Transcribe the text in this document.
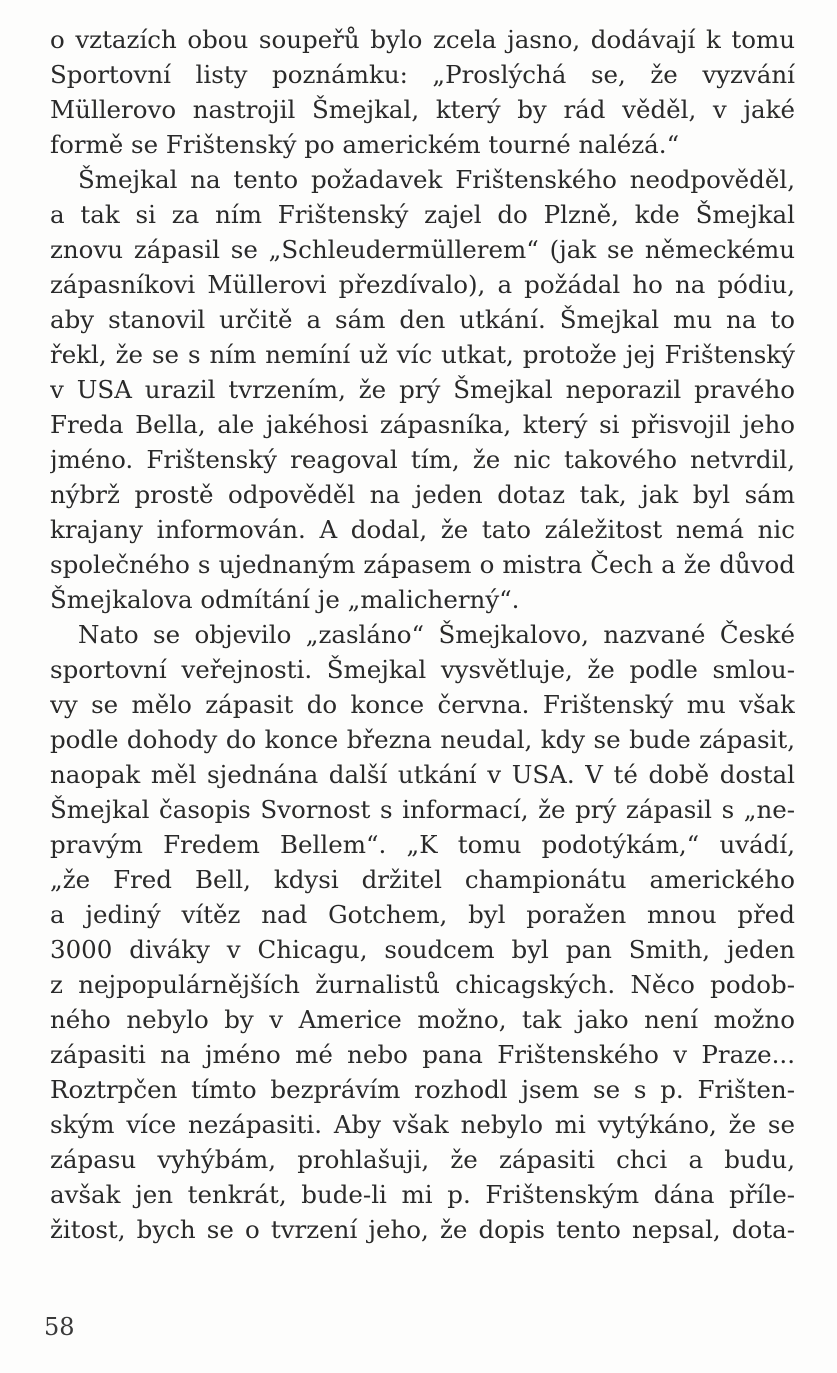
o vztazích obou soupeřů bylo zcela jasno, dodávají k tomu
Sportovní listy poznámku: „Proslýchá se, že vyzvání
Müllerovo nastrojil Šmejkal, který by rád věděl, v jaké
formě se Frištenský po americkém tourné nalézá.“
Šmejkal na tento požadavek Frištenského neodpověděl,
a tak si za ním Frištenský zajel do Plzně, kde Šmejkal
znovu zápasil se „Schleudermüllerem“ (jak se německému
zápasníkovi Müllerovi přezdívalo), a požádal ho na pódiu,
aby stanovil určitě a sám den utkání. Šmejkal mu na to
řekl, že se s ním nemíní už víc utkat, protože jej Frištenský
v USA urazil tvrzením, že prý Šmejkal neporazil pravého
Freda Bella, ale jakéhosi zápasníka, který si přisvojil jeho
jméno. Frištenský reagoval tím, že nic takového netvrdil,
nýbrž prostě odpověděl na jeden dotaz tak, jak byl sám
krajany informován. A dodal, že tato záležitost nemá nic
společného s ujednaným zápasem o mistra Čech a že důvod
Šmejkalova odmítání je „malicherný“.
Nato se objevilo „zasláno“ Šmejkalovo, nazvané České
sportovní veřejnosti. Šmejkal vysvětluje, že podle smlou-
vy se mělo zápasit do konce června. Frištenský mu však
podle dohody do konce března neudal, kdy se bude zápasit,
naopak měl sjednána další utkání v USA. V té době dostal
Šmejkal časopis Svornost s informací, že prý zápasil s „ne-
pravým Fredem Bellem“. „K tomu podotýkám,“ uvádí,
„že Fred Bell, kdysi držitel championátu amerického
a jediný vítěz nad Gotchem, byl poražen mnou před
3000 diváky v Chicagu, soudcem byl pan Smith, jeden
z nejpopulárnějších žurnalistů chicagských. Něco podob-
ného nebylo by v Americe možno, tak jako není možno
zápasiti na jméno mé nebo pana Frištenského v Praze...
Roztrpčen tímto bezprávím rozhodl jsem se s p. Frišten-
ským více nezápasiti. Aby však nebylo mi vytýkáno, že se
zápasu vyhýbám, prohlašuji, že zápasiti chci a budu,
avšak jen tenkrát, bude-li mi p. Frištenským dána příle-
žitost, bych se o tvrzení jeho, že dopis tento nepsal, dota-
58
